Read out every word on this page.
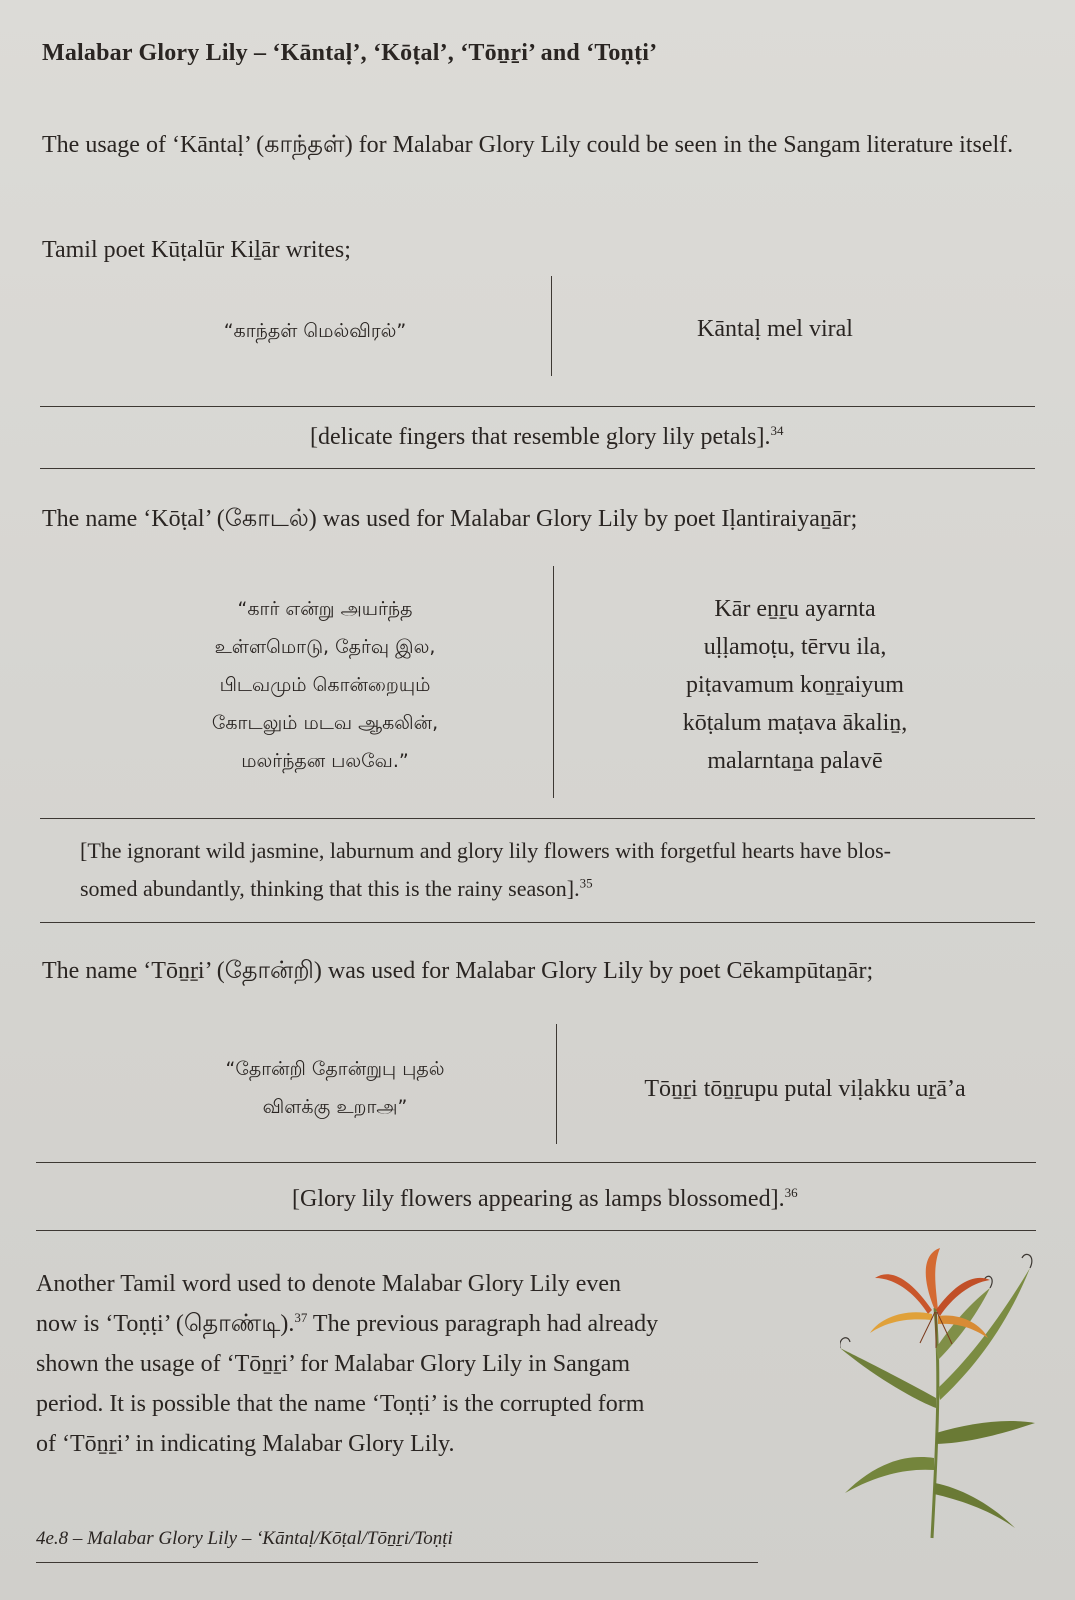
Malabar Glory Lily – ‘Kāntaḷ’, ‘Kōṭal’, ‘Tōṉṟi’ and ‘Toṇṭi’
The usage of ‘Kāntaḷ’ (காந்தள்) for Malabar Glory Lily could be seen in the Sangam literature itself.
Tamil poet Kūṭalūr Kiḻār writes;
“காந்தள் மெல்விரல்”	Kāntaḷ mel viral
[delicate fingers that resemble glory lily petals].$^{34}$
The name ‘Kōṭal’ (கோடல்) was used for Malabar Glory Lily by poet Iḷantiraiyaṉār;
“கார் என்று அயர்ந்த
உள்ளமொடு, தேர்வு இல,
பிடவமும் கொன்றையும்
கோடலும் மடவ ஆகலின்,
மலர்ந்தன பலவே.”
Kār eṉṟu ayarnta
uḷḷamoṭu, tērvu ila,
piṭavamum koṉṟaiyum
kōṭalum maṭava ākaliṉ,
malarntaṉa palavē
[The ignorant wild jasmine, laburnum and glory lily flowers with forgetful hearts have blos-
somed abundantly, thinking that this is the rainy season].$^{35}$
The name ‘Tōṉṟi’ (தோன்றி) was used for Malabar Glory Lily by poet Cēkampūtaṉār;
“தோன்றி தோன்றுபு புதல்
விளக்கு உறாஅ”
Tōṉṟi tōṉṟupu putal viḷakku uṟā’a
[Glory lily flowers appearing as lamps blossomed].$^{36}$
Another Tamil word used to denote Malabar Glory Lily even
now is ‘Toṇṭi’ (தொண்டி).$^{37}$ The previous paragraph had already
shown the usage of ‘Tōṉṟi’ for Malabar Glory Lily in Sangam
period. It is possible that the name ‘Toṇṭi’ is the corrupted form
of ‘Tōṉṟi’ in indicating Malabar Glory Lily.
4e.8 – Malabar Glory Lily – ‘Kāntaḷ/Kōṭal/Tōṉṟi/Toṇṭi
